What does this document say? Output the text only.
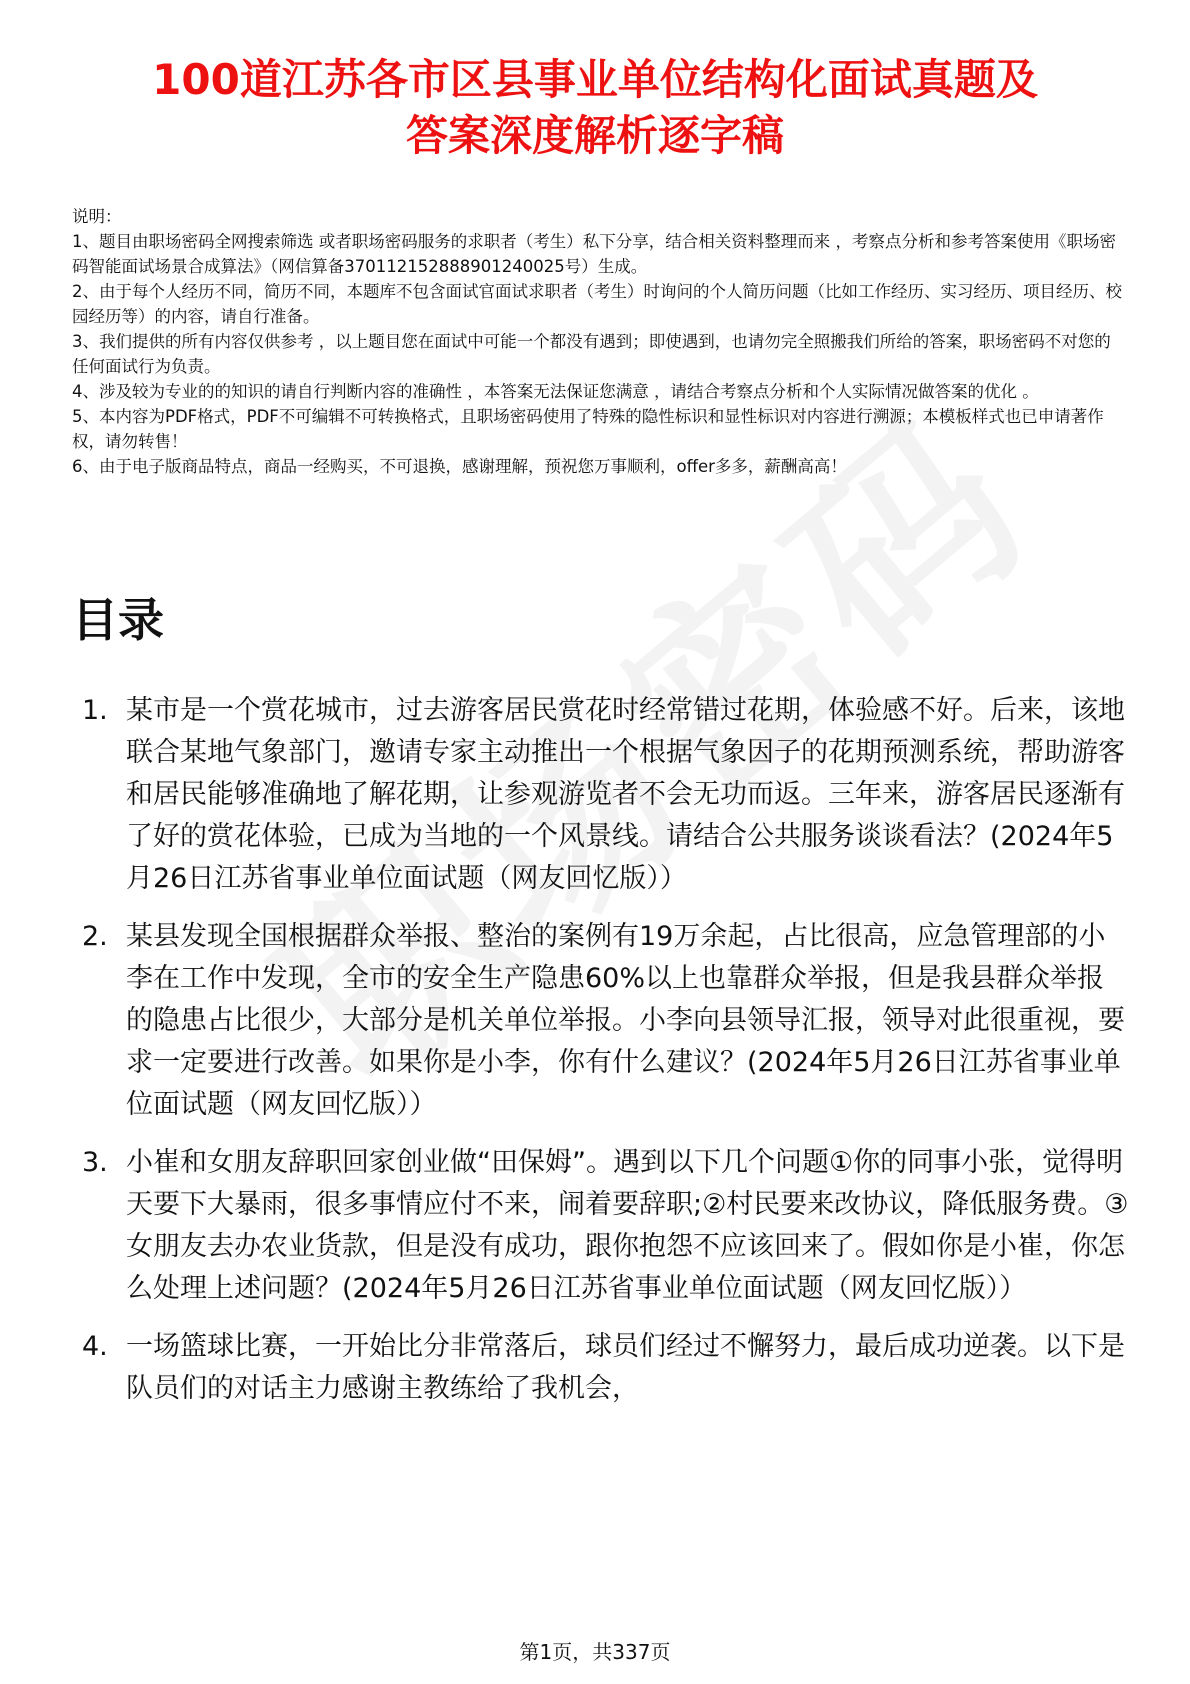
100道江苏各市区县事业单位结构化面试真题及
答案深度解析逐字稿

说明：

1、题目由职场密码全网搜索筛选 或者职场密码服务的求职者（考生）私下分享，结合相关资料整理而来 ，考察点分析和参考答案使用《职场密码智能面试场景合成算法》（网信算备370112152888901240025号）生成。

2、由于每个人经历不同，简历不同，本题库不包含面试官面试求职者（考生）时询问的个人简历问题（比如工作经历、实习经历、项目经历、校园经历等）的内容，请自行准备。

3、我们提供的所有内容仅供参考 ，以上题目您在面试中可能一个都没有遇到；即使遇到，也请勿完全照搬我们所给的答案，职场密码不对您的任何面试行为负责。

4、涉及较为专业的的知识的请自行判断内容的准确性 ，本答案无法保证您满意 ，请结合考察点分析和个人实际情况做答案的优化 。

5、本内容为PDF格式，PDF不可编辑不可转换格式，且职场密码使用了特殊的隐性标识和显性标识对内容进行溯源；本模板样式也已申请著作权，请勿转售！

6、由于电子版商品特点，商品一经购买，不可退换，感谢理解，预祝您万事顺利，offer多多，薪酬高高！

目录
1. 某市是一个赏花城市，过去游客居民赏花时经常错过花期，体验感不好。后来，该地联合某地气象部门，邀请专家主动推出一个根据气象因子的花期预测系统，帮助游客和居民能够准确地了解花期，让参观游览者不会无功而返。三年来，游客居民逐渐有了好的赏花体验，已成为当地的一个风景线。请结合公共服务谈谈看法？(2024年5月26日江苏省事业单位面试题（网友回忆版））
2. 某县发现全国根据群众举报、整治的案例有19万余起，占比很高，应急管理部的小李在工作中发现，全市的安全生产隐患60%以上也靠群众举报，但是我县群众举报的隐患占比很少，大部分是机关单位举报。小李向县领导汇报，领导对此很重视，要求一定要进行改善。如果你是小李，你有什么建议？(2024年5月26日江苏省事业单位面试题（网友回忆版））
3. 小崔和女朋友辞职回家创业做“田保姆”。遇到以下几个问题①你的同事小张，觉得明天要下大暴雨，很多事情应付不来，闹着要辞职;②村民要来改协议，降低服务费。③女朋友去办农业货款，但是没有成功，跟你抱怨不应该回来了。假如你是小崔，你怎么处理上述问题？(2024年5月26日江苏省事业单位面试题（网友回忆版））
4. 一场篮球比赛，一开始比分非常落后，球员们经过不懈努力，最后成功逆袭。以下是队员们的对话主力感谢主教练给了我机会，
第1页，共337页
